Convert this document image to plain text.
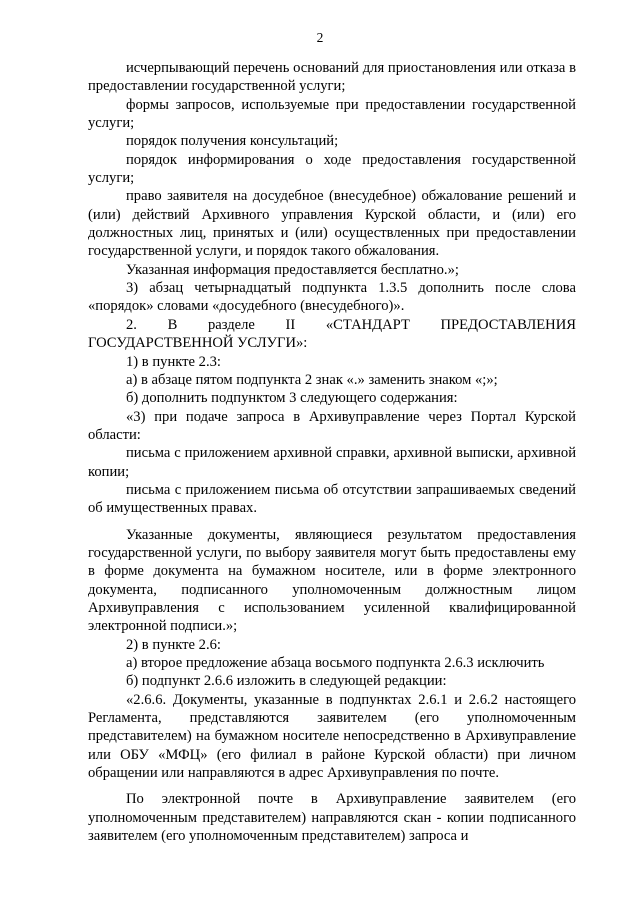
2

исчерпывающий перечень оснований для приостановления или отказа в предоставлении государственной услуги;

формы запросов, используемые при предоставлении государственной услуги;

порядок получения консультаций;

порядок информирования о ходе предоставления государственной услуги;

право заявителя на досудебное (внесудебное) обжалование решений и (или) действий Архивного управления Курской области, и (или) его должностных лиц, принятых и (или) осуществленных при предоставлении государственной услуги, и порядок такого обжалования.

Указанная информация предоставляется бесплатно.»;

3) абзац четырнадцатый подпункта 1.3.5 дополнить после слова «порядок» словами «досудебного (внесудебного)».

2. В разделе II «СТАНДАРТ ПРЕДОСТАВЛЕНИЯ ГОСУДАРСТВЕННОЙ УСЛУГИ»:

1) в пункте 2.3:

а) в абзаце пятом подпункта 2 знак «.» заменить знаком «;»;

б) дополнить подпунктом 3 следующего содержания:

«3) при подаче запроса в Архивуправление через Портал Курской области:

письма с приложением архивной справки, архивной выписки, архивной копии;

письма с приложением письма об отсутствии запрашиваемых сведений об имущественных правах.

Указанные документы, являющиеся результатом предоставления государственной услуги, по выбору заявителя могут быть предоставлены ему в форме документа на бумажном носителе, или в форме электронного документа, подписанного уполномоченным должностным лицом Архивуправления с использованием усиленной квалифицированной электронной подписи.»;

2) в пункте 2.6:

а) второе предложение абзаца восьмого подпункта 2.6.3 исключить

б) подпункт 2.6.6 изложить в следующей редакции:

«2.6.6. Документы, указанные в подпунктах 2.6.1 и 2.6.2 настоящего Регламента, представляются заявителем (его уполномоченным представителем) на бумажном носителе непосредственно в Архивуправление или ОБУ «МФЦ» (его филиал в районе Курской области) при личном обращении или направляются в адрес Архивуправления по почте.

По электронной почте в Архивуправление заявителем (его уполномоченным представителем) направляются скан - копии подписанного заявителем (его уполномоченным представителем) запроса и
